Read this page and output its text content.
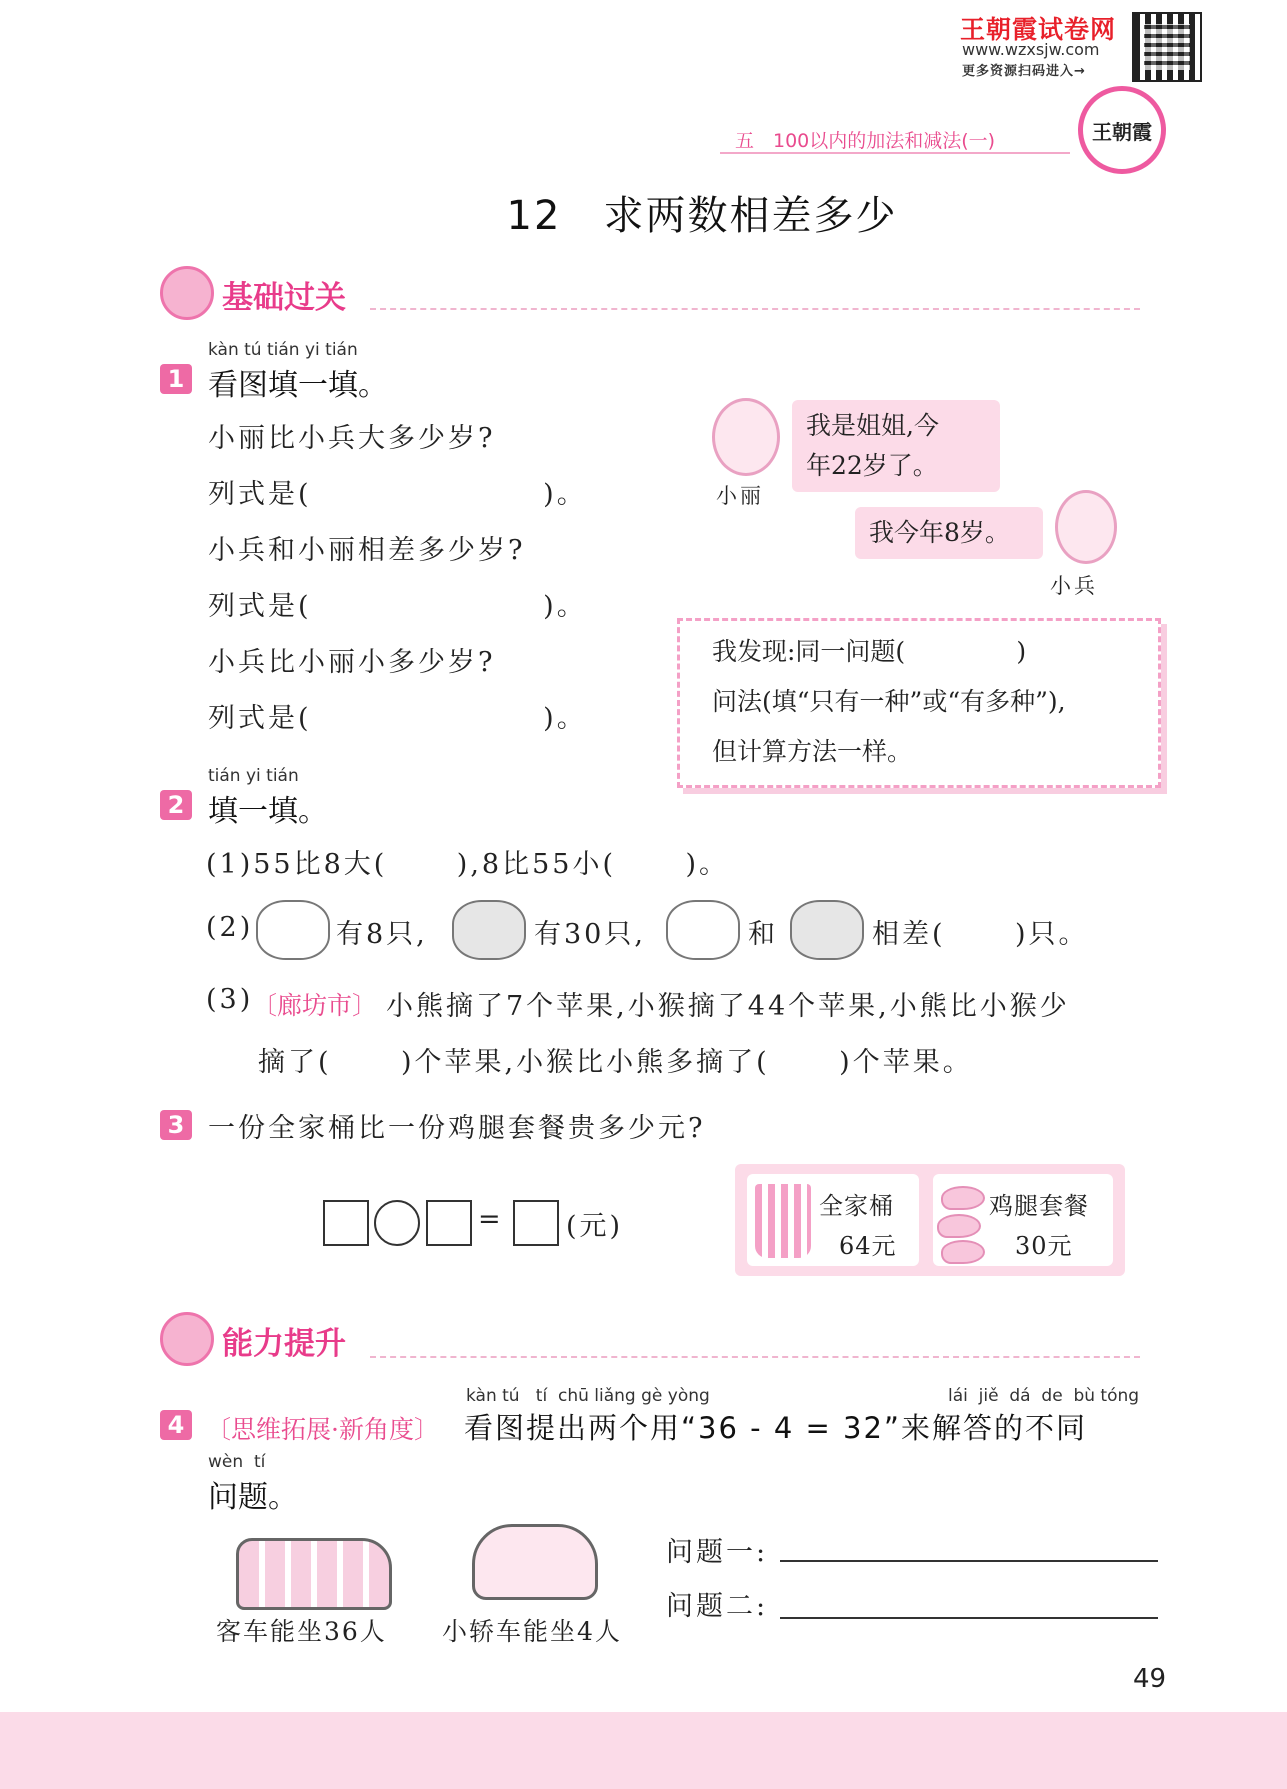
王朝霞试卷网
www.wzxsjw.com
更多资源扫码进入→
王朝霞
五　100以内的加法和减法(一)
12　求两数相差多少
基础过关
kàn tú tián yi tián
1 看图填一填。
小丽比小兵大多少岁?
列式是(                    )。
小兵和小丽相差多少岁?
列式是(                    )。
小兵比小丽小多少岁?
列式是(                    )。
小丽
我是姐姐,今
年22岁了。
我今年8岁。
小兵
我发现:同一问题(              )
问法(填“只有一种”或“有多种”),
但计算方法一样。
tián yi tián
2 填一填。
(1)55比8大(      ),8比55小(      )。
(2)	有8只,	有30只,	和	相差(      )只。
(3)
〔廊坊市〕 小熊摘了7个苹果,小猴摘了44个苹果,小熊比小猴少
摘了(      )个苹果,小猴比小熊多摘了(      )个苹果。
3 一份全家桶比一份鸡腿套餐贵多少元?
= (元)
全家桶
64元
鸡腿套餐
30元
能力提升
kàn tú   tí  chū liǎng gè yòng	lái  jiě  dá  de  bù tóng
4 〔思维拓展·新角度〕 看图提出两个用“36 - 4 = 32”来解答的不同
wèn  tí
问题。
客车能坐36人 小轿车能坐4人
问题一:
问题二:
49
